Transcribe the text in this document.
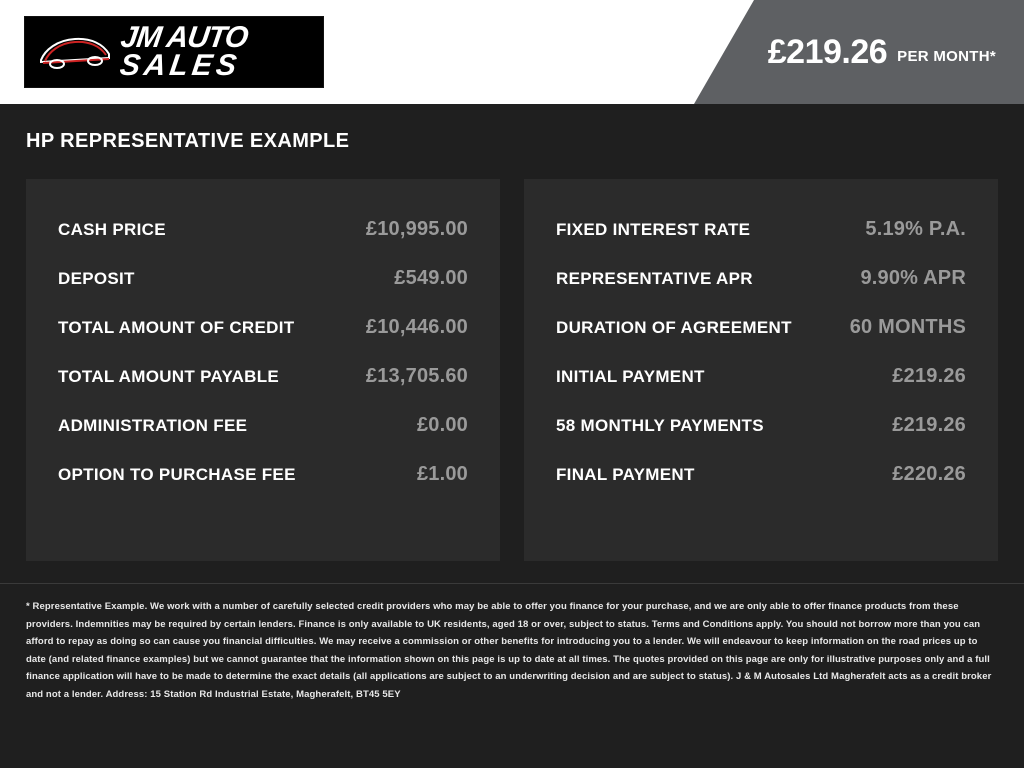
JM AUTO
SALES	£219.26 PER MONTH*
HP REPRESENTATIVE EXAMPLE
CASH PRICE	£10,995.00
DEPOSIT	£549.00
TOTAL AMOUNT OF CREDIT	£10,446.00
TOTAL AMOUNT PAYABLE	£13,705.60
ADMINISTRATION FEE	£0.00
OPTION TO PURCHASE FEE	£1.00
FIXED INTEREST RATE	5.19% P.A.
REPRESENTATIVE APR	9.90% APR
DURATION OF AGREEMENT	60 MONTHS
INITIAL PAYMENT	£219.26
58 MONTHLY PAYMENTS	£219.26
FINAL PAYMENT	£220.26
* Representative Example. We work with a number of carefully selected credit providers who may be able to offer you finance for your purchase, and we are only able to offer finance products from these providers. Indemnities may be required by certain lenders. Finance is only available to UK residents, aged 18 or over, subject to status. Terms and Conditions apply. You should not borrow more than you can afford to repay as doing so can cause you financial difficulties. We may receive a commission or other benefits for introducing you to a lender. We will endeavour to keep information on the road prices up to date (and related finance examples) but we cannot guarantee that the information shown on this page is up to date at all times. The quotes provided on this page are only for illustrative purposes only and a full finance application will have to be made to determine the exact details (all applications are subject to an underwriting decision and are subject to status). J & M Autosales Ltd Magherafelt acts as a credit broker and not a lender. Address: 15 Station Rd Industrial Estate, Magherafelt, BT45 5EY
